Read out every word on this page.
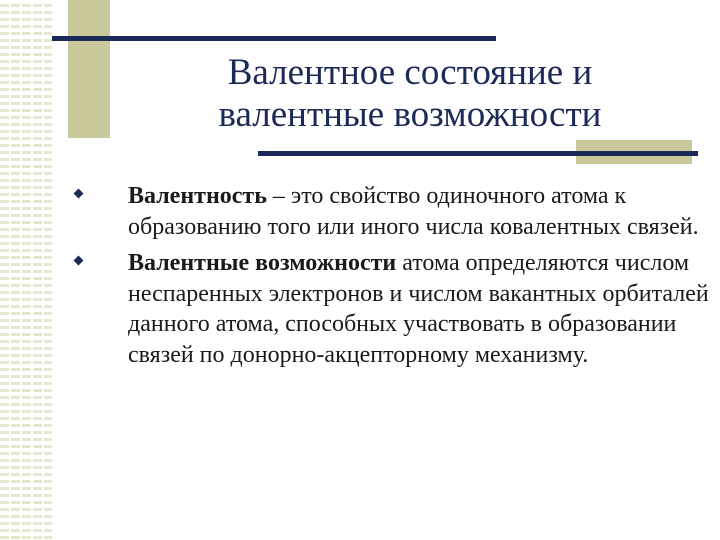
Валентное состояние и
валентные возможности
Валентность – это свойство одиночного атома к образованию того или иного числа ковалентных связей.
Валентные возможности атома определяются числом неспаренных электронов и числом вакантных орбиталей данного атома, способных участвовать в образовании связей по донорно-акцепторному механизму.
